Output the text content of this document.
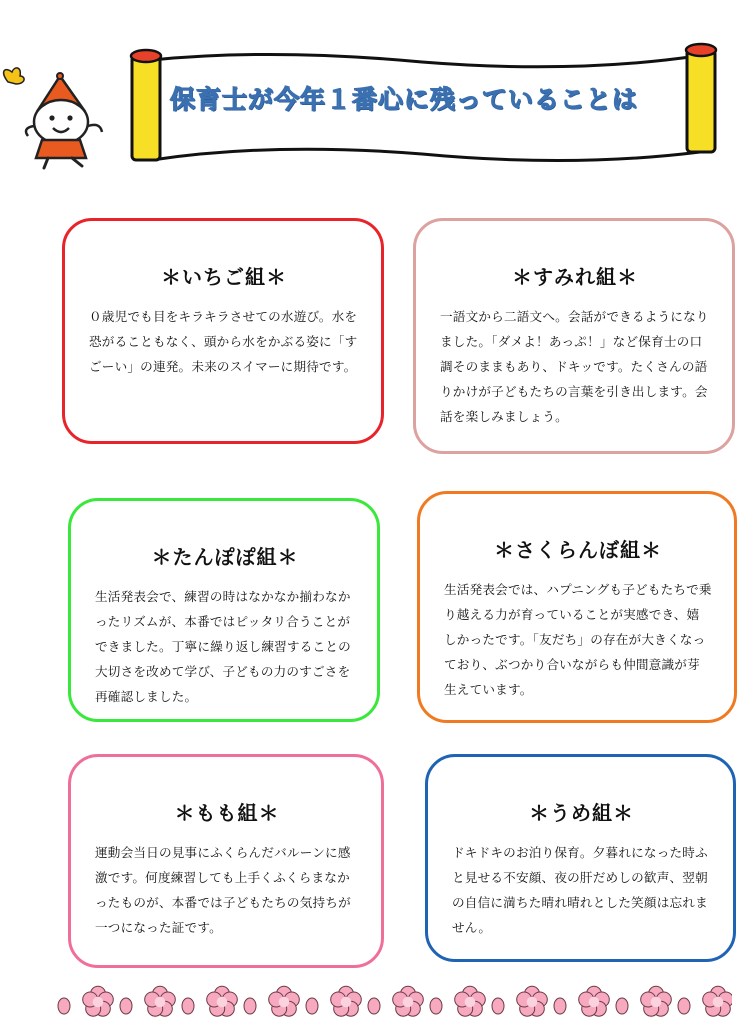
保育士が今年１番心に残っていることは
＊いちご組＊

０歳児でも目をキラキラさせての水遊び。水を恐がることもなく、頭から水をかぶる姿に「すごーい」の連発。未来のスイマーに期待です。

＊すみれ組＊

一語文から二語文へ。会話ができるようになりました。「ダメよ！あっぷ！」など保育士の口調そのままもあり、ドキッです。たくさんの語りかけが子どもたちの言葉を引き出します。会話を楽しみましょう。

＊たんぽぽ組＊

生活発表会で、練習の時はなかなか揃わなかったリズムが、本番ではピッタリ合うことができました。丁寧に繰り返し練習することの大切さを改めて学び、子どもの力のすごさを再確認しました。

＊さくらんぼ組＊

生活発表会では、ハプニングも子どもたちで乗り越える力が育っていることが実感でき、嬉しかったです。「友だち」の存在が大きくなっており、ぶつかり合いながらも仲間意識が芽生えています。

＊もも組＊

運動会当日の見事にふくらんだバルーンに感激です。何度練習しても上手くふくらまなかったものが、本番では子どもたちの気持ちが一つになった証です。

＊うめ組＊

ドキドキのお泊り保育。夕暮れになった時ふと見せる不安顔、夜の肝だめしの歓声、翌朝の自信に満ちた晴れ晴れとした笑顔は忘れません。
